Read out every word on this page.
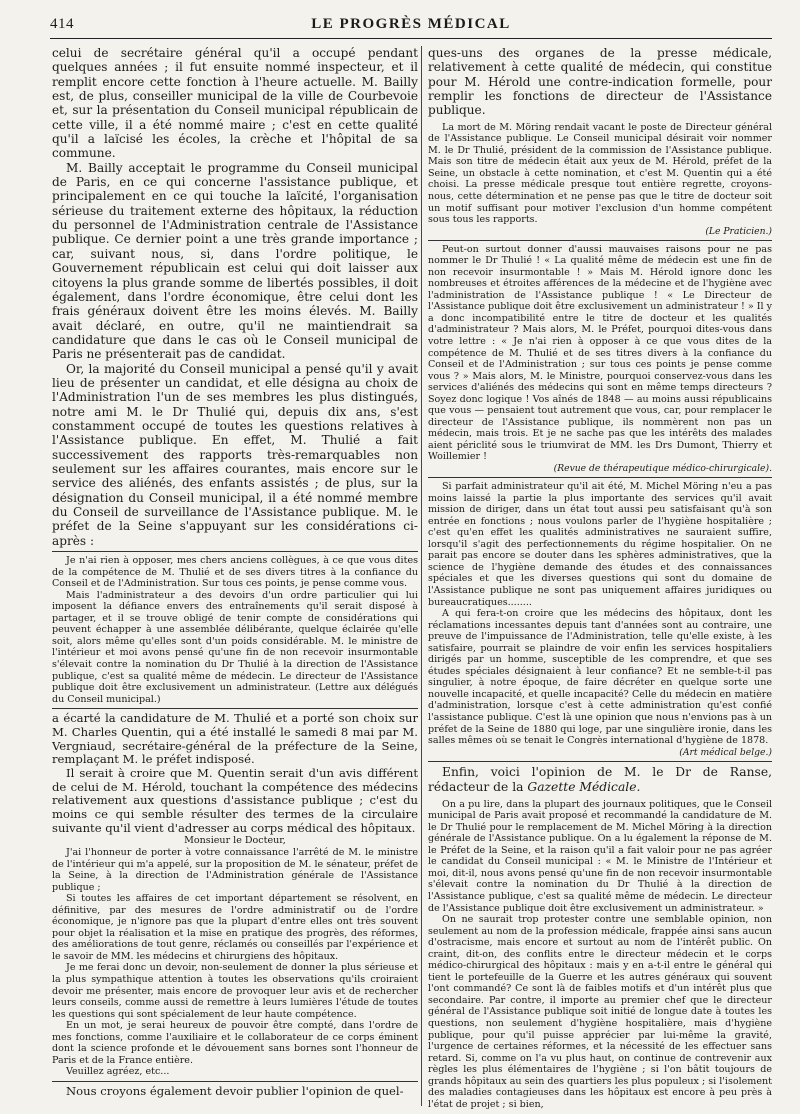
414	LE PROGRÈS MÉDICAL

celui de secrétaire général qu'il a occupé pendant quelques années ; il fut ensuite nommé inspecteur, et il remplit encore cette fonction à l'heure actuelle. M. Bailly est, de plus, conseiller municipal de la ville de Courbevoie et, sur la présentation du Conseil municipal républicain de cette ville, il a été nommé maire ; c'est en cette qualité qu'il a laïcisé les écoles, la crèche et l'hôpital de sa commune.

M. Bailly acceptait le programme du Conseil municipal de Paris, en ce qui concerne l'assistance publique, et principalement en ce qui touche la laïcité, l'organisation sérieuse du traitement externe des hôpitaux, la réduction du personnel de l'Administration centrale de l'Assistance publique. Ce dernier point a une très grande importance ; car, suivant nous, si, dans l'ordre politique, le Gouvernement républicain est celui qui doit laisser aux citoyens la plus grande somme de libertés possibles, il doit également, dans l'ordre économique, être celui dont les frais généraux doivent être les moins élevés. M. Bailly avait déclaré, en outre, qu'il ne maintiendrait sa candidature que dans le cas où le Conseil municipal de Paris ne présenterait pas de candidat.

Or, la majorité du Conseil municipal a pensé qu'il y avait lieu de présenter un candidat, et elle désigna au choix de l'Administration l'un de ses membres les plus distingués, notre ami M. le Dr Thulié qui, depuis dix ans, s'est constamment occupé de toutes les questions relatives à l'Assistance publique. En effet, M. Thulié a fait successivement des rapports très-remarquables non seulement sur les affaires courantes, mais encore sur le service des aliénés, des enfants assistés ; de plus, sur la désignation du Conseil municipal, il a été nommé membre du Conseil de surveillance de l'Assistance publique. M. le préfet de la Seine s'appuyant sur les considérations ci-après :

Je n'ai rien à opposer, mes chers anciens collègues, à ce que vous dites de la compétence de M. Thulié et de ses divers titres à la confiance du Conseil et de l'Administration. Sur tous ces points, je pense comme vous.

Mais l'administrateur a des devoirs d'un ordre particulier qui lui imposent la défiance envers des entraînements qu'il serait disposé à partager, et il se trouve obligé de tenir compte de considérations qui peuvent échapper à une assemblée délibérante, quelque éclairée qu'elle soit, alors même qu'elles sont d'un poids considérable. M. le ministre de l'intérieur et moi avons pensé qu'une fin de non recevoir insurmontable s'élevait contre la nomination du Dr Thulié à la direction de l'Assistance publique, c'est sa qualité même de médecin. Le directeur de l'Assistance publique doit être exclusivement un administrateur. (Lettre aux délégués du Conseil municipal.)

a écarté la candidature de M. Thulié et a porté son choix sur M. Charles Quentin, qui a été installé le samedi 8 mai par M. Vergniaud, secrétaire-général de la préfecture de la Seine, remplaçant M. le préfet indisposé.

Il serait à croire que M. Quentin serait d'un avis différent de celui de M. Hérold, touchant la compétence des médecins relativement aux questions d'assistance publique ; c'est du moins ce qui semble résulter des termes de la circulaire suivante qu'il vient d'adresser au corps médical des hôpitaux.

Monsieur le Docteur,

J'ai l'honneur de porter à votre connaissance l'arrêté de M. le ministre de l'intérieur qui m'a appelé, sur la proposition de M. le sénateur, préfet de la Seine, à la direction de l'Administration générale de l'Assistance publique ;

Si toutes les affaires de cet important département se résolvent, en définitive, par des mesures de l'ordre administratif ou de l'ordre économique, je n'ignore pas que la plupart d'entre elles ont très souvent pour objet la réalisation et la mise en pratique des progrès, des réformes, des améliorations de tout genre, réclamés ou conseillés par l'expérience et le savoir de MM. les médecins et chirurgiens des hôpitaux.

Je me ferai donc un devoir, non-seulement de donner la plus sérieuse et la plus sympathique attention à toutes les observations qu'ils croiraient devoir me présenter, mais encore de provoquer leur avis et de rechercher leurs conseils, comme aussi de remettre à leurs lumières l'étude de toutes les questions qui sont spécialement de leur haute compétence.

En un mot, je serai heureux de pouvoir être compté, dans l'ordre de mes fonctions, comme l'auxiliaire et le collaborateur de ce corps éminent dont la science profonde et le dévouement sans bornes sont l'honneur de Paris et de la France entière.

Veuillez agréez, etc...

Nous croyons également devoir publier l'opinion de quel-

ques-uns des organes de la presse médicale, relativement à cette qualité de médecin, qui constitue pour M. Hérold une contre-indication formelle, pour remplir les fonctions de directeur de l'Assistance publique.

La mort de M. Möring rendait vacant le poste de Directeur général de l'Assistance publique. Le Conseil municipal désirait voir nommer M. le Dr Thulié, président de la commission de l'Assistance publique. Mais son titre de médecin était aux yeux de M. Hérold, préfet de la Seine, un obstacle à cette nomination, et c'est M. Quentin qui a été choisi. La presse médicale presque tout entière regrette, croyons-nous, cette détermination et ne pense pas que le titre de docteur soit un motif suffisant pour motiver l'exclusion d'un homme compétent sous tous les rapports.

(Le Praticien.)

Peut-on surtout donner d'aussi mauvaises raisons pour ne pas nommer le Dr Thulié ! « La qualité même de médecin est une fin de non recevoir insurmontable ! » Mais M. Hérold ignore donc les nombreuses et étroites afférences de la médecine et de l'hygiène avec l'administration de l'Assistance publique ! « Le Directeur de l'Assistance publique doit être exclusivement un administrateur ! » Il y a donc incompatibilité entre le titre de docteur et les qualités d'administrateur ? Mais alors, M. le Préfet, pourquoi dites-vous dans votre lettre : « Je n'ai rien à opposer à ce que vous dites de la compétence de M. Thulié et de ses titres divers à la confiance du Conseil et de l'Administration ; sur tous ces points je pense comme vous ? » Mais alors, M. le Ministre, pourquoi conservez-vous dans les services d'aliénés des médecins qui sont en même temps directeurs ? Soyez donc logique ! Vos aînés de 1848 — au moins aussi républicains que vous — pensaient tout autrement que vous, car, pour remplacer le directeur de l'Assistance publique, ils nommèrent non pas un médecin, mais trois. Et je ne sache pas que les intérêts des malades aient périclité sous le triumvirat de MM. les Drs Dumont, Thierry et Woillemier !

(Revue de thérapeutique médico-chirurgicale).

Si parfait administrateur qu'il ait été, M. Michel Möring n'eu a pas moins laissé la partie la plus importante des services qu'il avait mission de diriger, dans un état tout aussi peu satisfaisant qu'à son entrée en fonctions ; nous voulons parler de l'hygiène hospitalière ; c'est qu'en effet les qualités administratives ne sauraient suffire, lorsqu'il s'agit des perfectionnements du régime hospitalier. On ne parait pas encore se douter dans les sphères administratives, que la science de l'hygiène demande des études et des connaissances spéciales et que les diverses questions qui sont du domaine de l'Assistance publique ne sont pas uniquement affaires juridiques ou bureaucratiques........

A qui fera-t-on croire que les médecins des hôpitaux, dont les réclamations incessantes depuis tant d'années sont au contraire, une preuve de l'impuissance de l'Administration, telle qu'elle existe, à les satisfaire, pourrait se plaindre de voir enfin les services hospitaliers dirigés par un homme, susceptible de les comprendre, et que ses études spéciales désignaient à leur confiance? Et ne semble-t-il pas singulier, à notre époque, de faire décréter en quelque sorte une nouvelle incapacité, et quelle incapacité? Celle du médecin en matière d'administration, lorsque c'est à cette administration qu'est confié l'assistance publique. C'est là une opinion que nous n'envions pas à un préfet de la Seine de 1880 qui loge, par une singulière ironie, dans les salles mêmes où se tenait le Congrès international d'hygiène de 1878.

(Art médical belge.)

Enfin, voici l'opinion de M. le Dr de Ranse, rédacteur de la Gazette Médicale.

On a pu lire, dans la plupart des journaux politiques, que le Conseil municipal de Paris avait proposé et recommandé la candidature de M. le Dr Thulié pour le remplacement de M. Michel Möring à la direction générale de l'Assistance publique. On a lu également la réponse de M. le Préfet de la Seine, et la raison qu'il a fait valoir pour ne pas agréer le candidat du Conseil municipal : « M. le Ministre de l'Intérieur et moi, dit-il, nous avons pensé qu'une fin de non recevoir insurmontable s'élevait contre la nomination du Dr Thulié à la direction de l'Assistance publique, c'est sa qualité même de médecin. Le directeur de l'Assistance publique doit être exclusivement un administrateur. »

On ne saurait trop protester contre une semblable opinion, non seulement au nom de la profession médicale, frappée ainsi sans aucun d'ostracisme, mais encore et surtout au nom de l'intérêt public. On craint, dit-on, des conflits entre le directeur médecin et le corps médico-chirurgical des hôpitaux : mais y en a-t-il entre le général qui tient le portefeuille de la Guerre et les autres généraux qui souvent l'ont commandé? Ce sont là de faibles motifs et d'un intérêt plus que secondaire. Par contre, il importe au premier chef que le directeur général de l'Assistance publique soit initié de longue date à toutes les questions, non seulement d'hygiène hospitalière, mais d'hygiène publique, pour qu'il puisse apprécier par lui-même la gravité, l'urgence de certaines réformes, et la nécessité de les effectuer sans retard. Si, comme on l'a vu plus haut, on continue de contrevenir aux règles les plus élémentaires de l'hygiène ; si l'on bâtit toujours de grands hôpitaux au sein des quartiers les plus populeux ; si l'isolement des maladies contagieuses dans les hôpitaux est encore à peu près à l'état de projet ; si bien,
